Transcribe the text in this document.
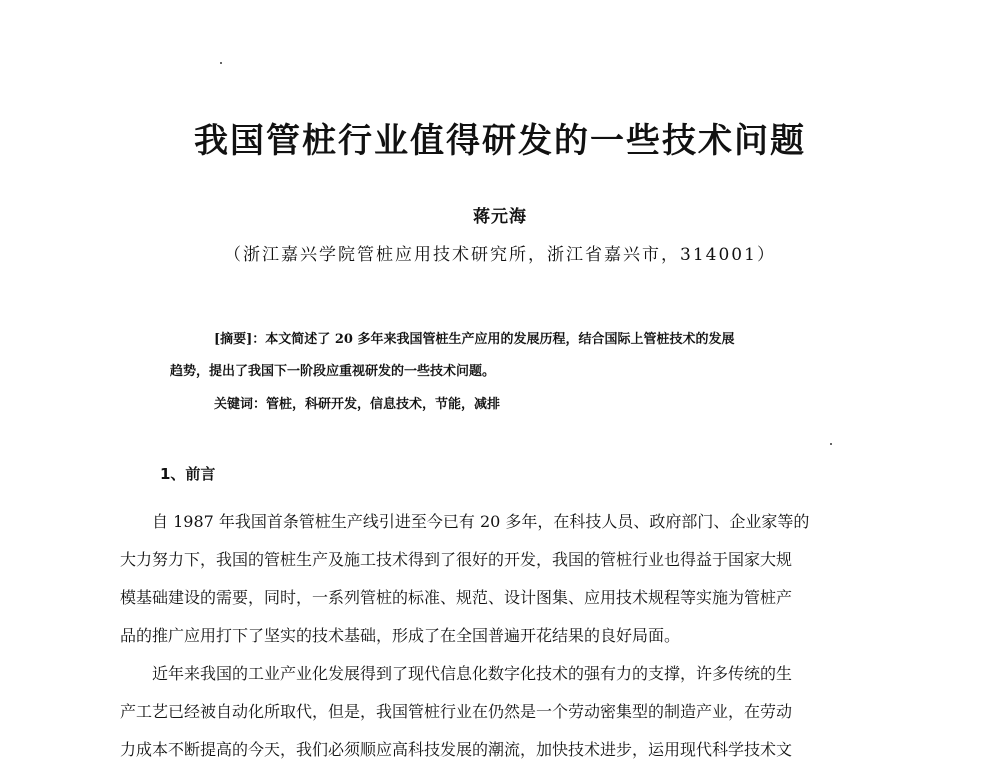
我国管桩行业值得研发的一些技术问题
蒋元海
（浙江嘉兴学院管桩应用技术研究所，浙江省嘉兴市，314001）
[摘要]：本文简述了 20 多年来我国管桩生产应用的发展历程，结合国际上管桩技术的发展
趋势，提出了我国下一阶段应重视研发的一些技术问题。
关键词：管桩，科研开发，信息技术，节能，减排
1、前言
自 1987 年我国首条管桩生产线引进至今已有 20 多年，在科技人员、政府部门、企业家等的
大力努力下，我国的管桩生产及施工技术得到了很好的开发，我国的管桩行业也得益于国家大规
模基础建设的需要，同时，一系列管桩的标准、规范、设计图集、应用技术规程等实施为管桩产
品的推广应用打下了坚实的技术基础，形成了在全国普遍开花结果的良好局面。
近年来我国的工业产业化发展得到了现代信息化数字化技术的强有力的支撑，许多传统的生
产工艺已经被自动化所取代，但是，我国管桩行业在仍然是一个劳动密集型的制造产业，在劳动
力成本不断提高的今天，我们必须顺应高科技发展的潮流，加快技术进步，运用现代科学技术文
